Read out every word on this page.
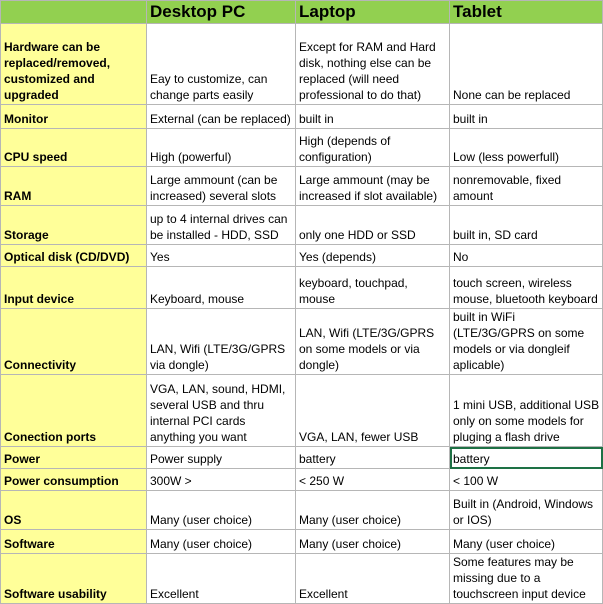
	Desktop PC	Laptop	Tablet
Hardware can be replaced/removed, customized and upgraded	Eay to customize, can change parts easily	Except for RAM and Hard disk, nothing else can be replaced (will need professional to do that)	None can be replaced
Monitor	External (can be replaced)	built in	built in
CPU speed	High (powerful)	High (depends of configuration)	Low (less powerfull)
RAM	Large ammount (can be increased) several slots	Large ammount (may be increased if slot available)	nonremovable, fixed amount
Storage	up to 4 internal drives can be installed - HDD, SSD	only one HDD or SSD	built in, SD card
Optical disk (CD/DVD)	Yes	Yes (depends)	No
Input device	Keyboard, mouse	keyboard, touchpad, mouse	touch screen, wireless mouse, bluetooth keyboard
Connectivity	LAN, Wifi (LTE/3G/GPRS via dongle)	LAN, Wifi (LTE/3G/GPRS on some models or via dongle)	built in WiFi (LTE/3G/GPRS on some models or via dongleif aplicable)
Conection ports	VGA, LAN, sound, HDMI, several USB and thru internal PCI cards anything you want	VGA, LAN, fewer USB	1 mini USB, additional USB only on some models for pluging a flash drive
Power	Power supply	battery	battery
Power consumption	300W >	< 250 W	< 100 W
OS	Many (user choice)	Many (user choice)	Built in (Android, Windows or IOS)
Software	Many (user choice)	Many (user choice)	Many (user choice)
Software usability	Excellent	Excellent	Some features may be missing due to a touchscreen input device
